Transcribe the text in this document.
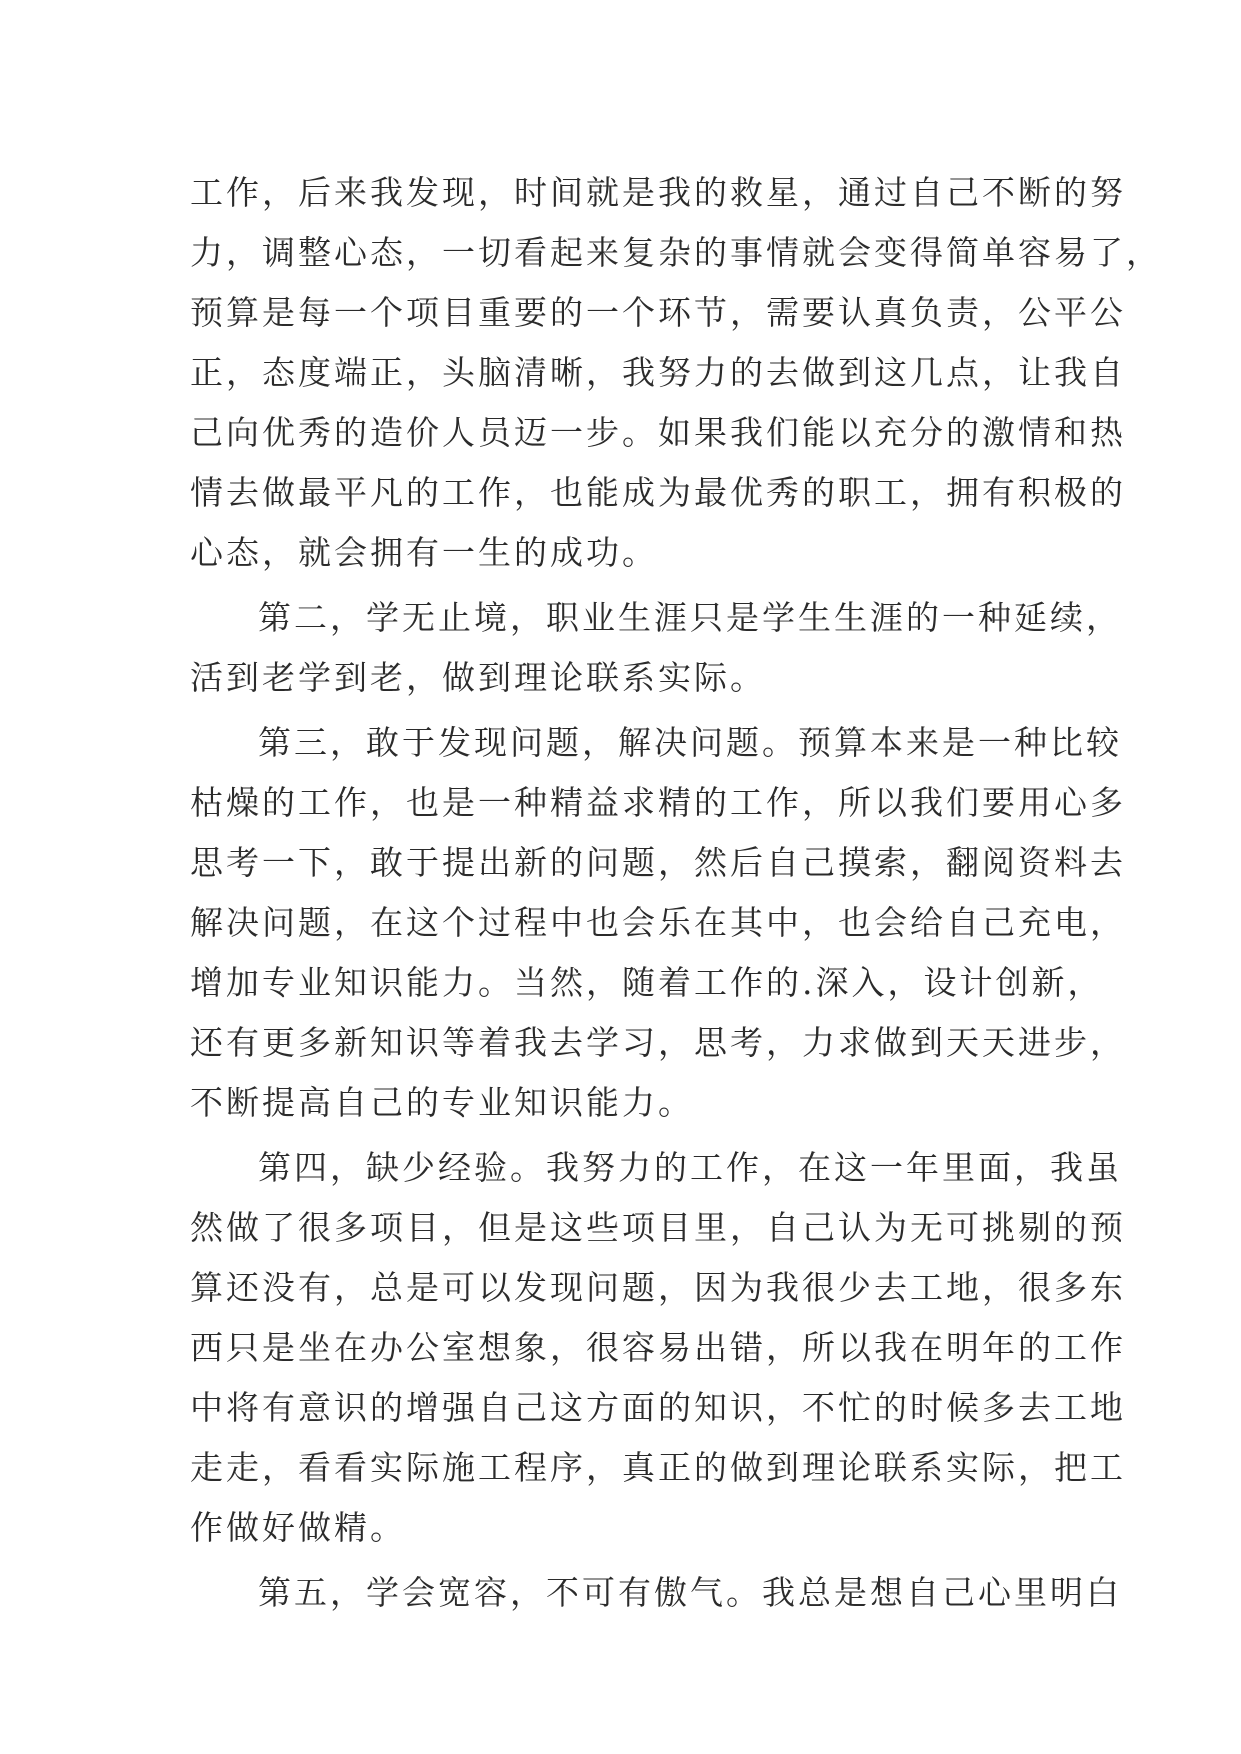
工作，后来我发现，时间就是我的救星，通过自己不断的努
力，调整心态，一切看起来复杂的事情就会变得简单容易了，
预算是每一个项目重要的一个环节，需要认真负责，公平公
正，态度端正，头脑清晰，我努力的去做到这几点，让我自
己向优秀的造价人员迈一步。如果我们能以充分的激情和热
情去做最平凡的工作，也能成为最优秀的职工，拥有积极的
心态，就会拥有一生的成功。
第二，学无止境，职业生涯只是学生生涯的一种延续，
活到老学到老，做到理论联系实际。
第三，敢于发现问题，解决问题。预算本来是一种比较
枯燥的工作，也是一种精益求精的工作，所以我们要用心多
思考一下，敢于提出新的问题，然后自己摸索，翻阅资料去
解决问题，在这个过程中也会乐在其中，也会给自己充电，
增加专业知识能力。当然，随着工作的.深入，设计创新，
还有更多新知识等着我去学习，思考，力求做到天天进步，
不断提高自己的专业知识能力。
第四，缺少经验。我努力的工作，在这一年里面，我虽
然做了很多项目，但是这些项目里，自己认为无可挑剔的预
算还没有，总是可以发现问题，因为我很少去工地，很多东
西只是坐在办公室想象，很容易出错，所以我在明年的工作
中将有意识的增强自己这方面的知识，不忙的时候多去工地
走走，看看实际施工程序，真正的做到理论联系实际，把工
作做好做精。
第五，学会宽容，不可有傲气。我总是想自己心里明白
